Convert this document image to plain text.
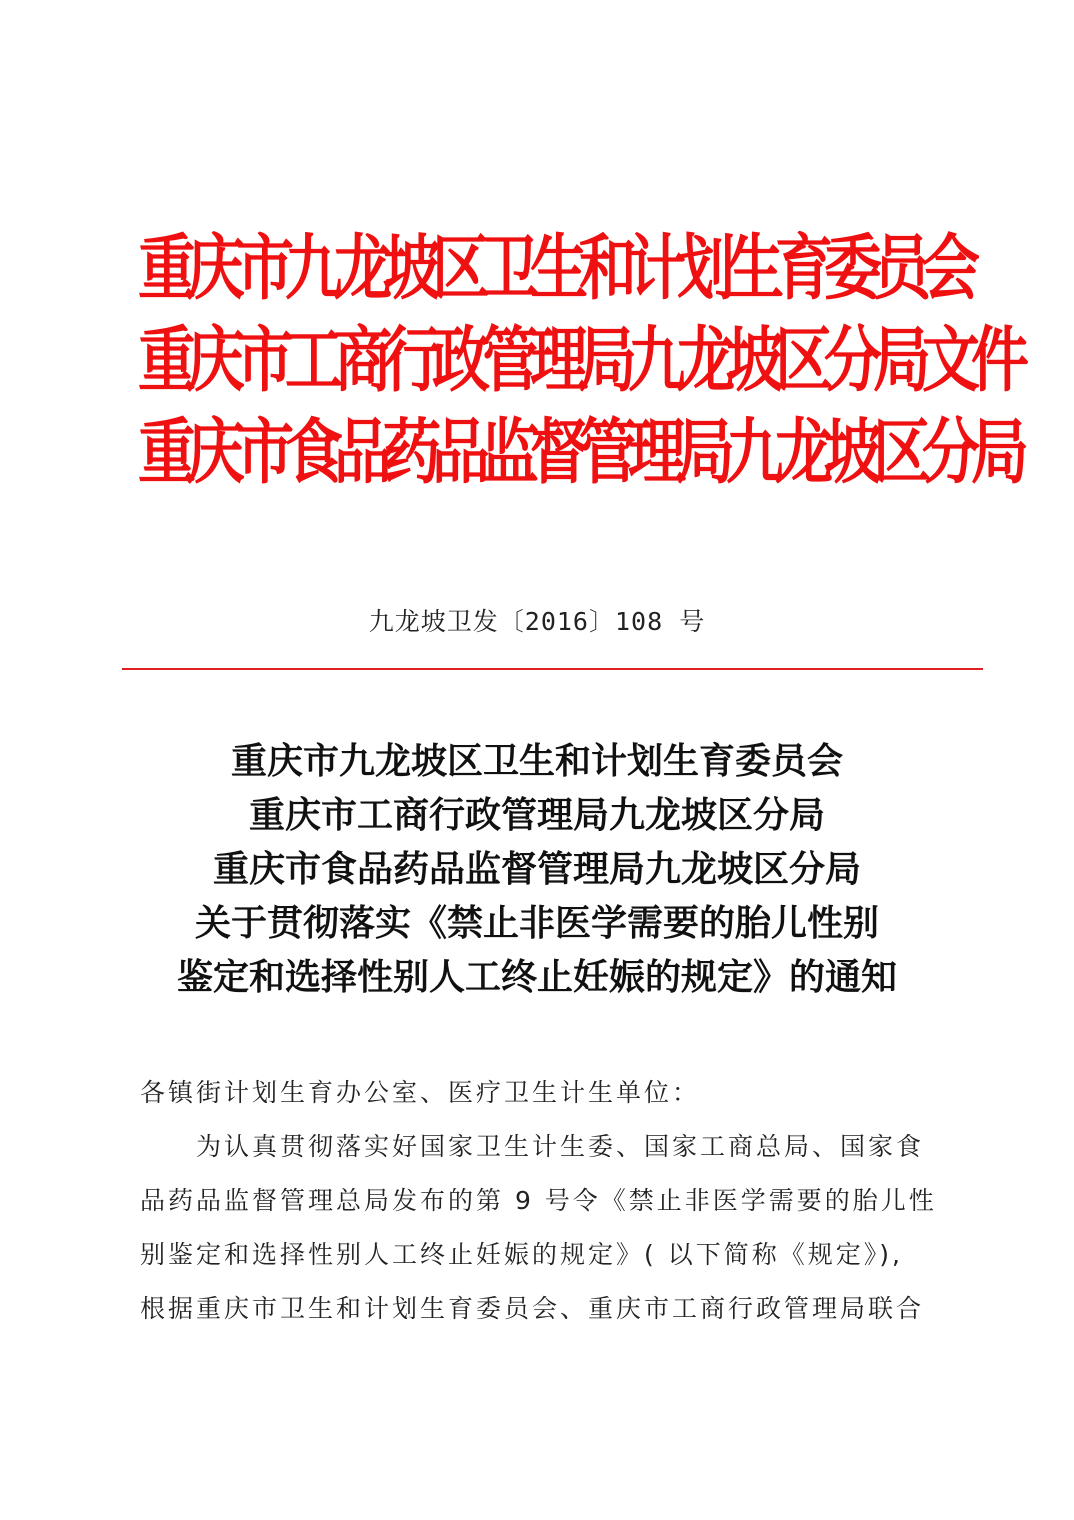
重庆市九龙坡区卫生和计划生育委员会
重庆市工商行政管理局九龙坡区分局文件
重庆市食品药品监督管理局九龙坡区分局
九龙坡卫发〔2016〕108 号
重庆市九龙坡区卫生和计划生育委员会
重庆市工商行政管理局九龙坡区分局
重庆市食品药品监督管理局九龙坡区分局
关于贯彻落实《禁止非医学需要的胎儿性别
鉴定和选择性别人工终止妊娠的规定》的通知
各镇街计划生育办公室、医疗卫生计生单位：
为认真贯彻落实好国家卫生计生委、国家工商总局、国家食
品药品监督管理总局发布的第 9 号令《禁止非医学需要的胎儿性
别鉴定和选择性别人工终止妊娠的规定》( 以下简称《规定》),
根据重庆市卫生和计划生育委员会、重庆市工商行政管理局联合
